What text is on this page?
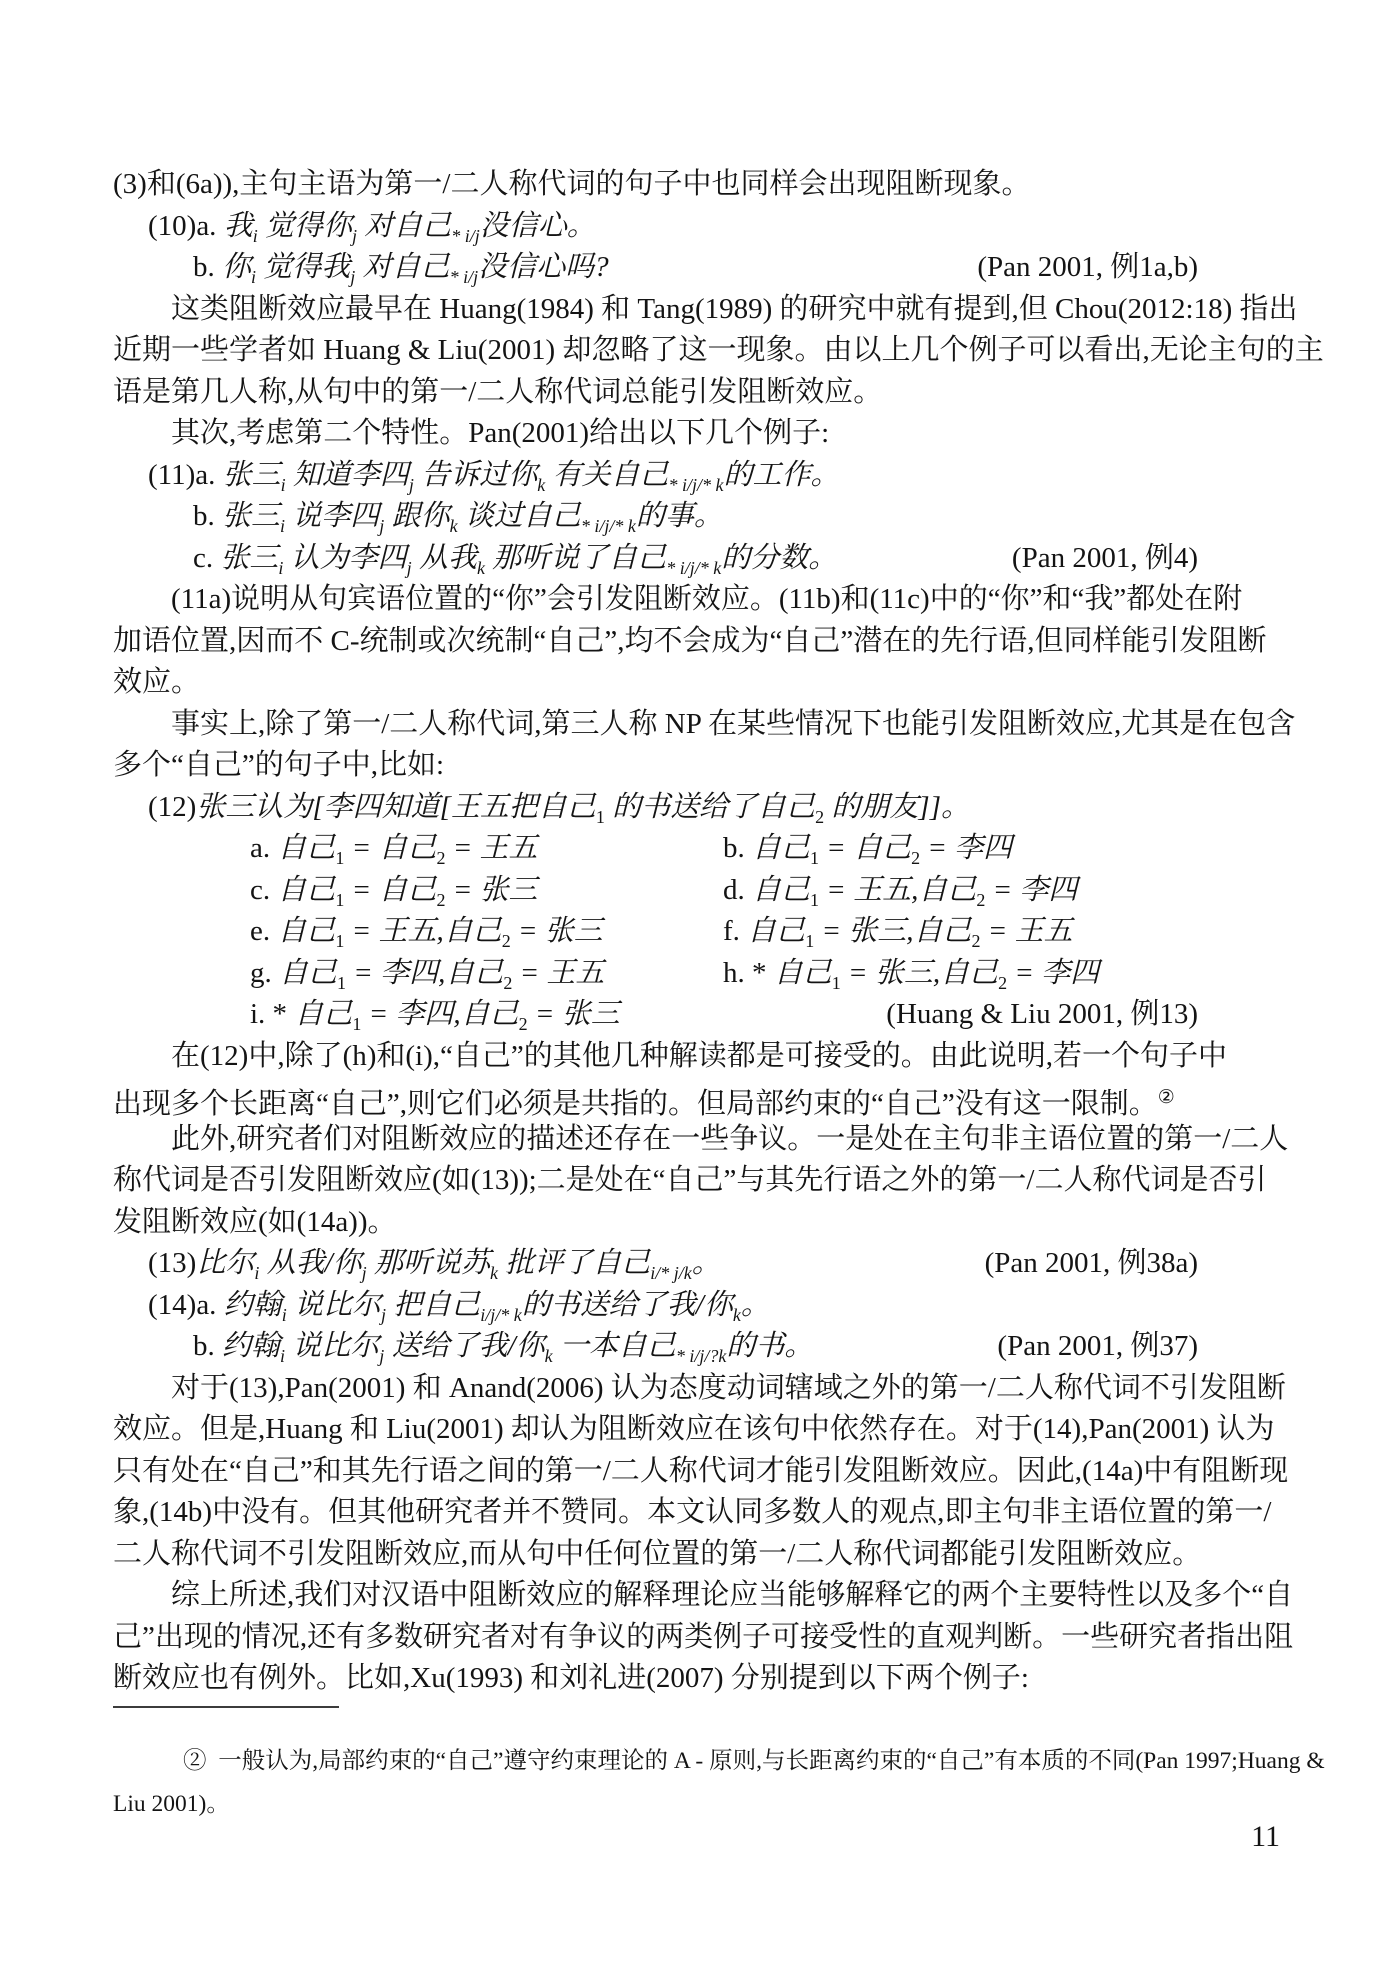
(3)和(6a)),主句主语为第一/二人称代词的句子中也同样会出现阻断现象。
(10)a. 我$_i$ 觉得你$_j$ 对自己$_{* i/j}$没信心。
b. 你$_i$ 觉得我$_j$ 对自己$_{* i/j}$没信心吗?	(Pan 2001, 例1a,b)
这类阻断效应最早在 Huang(1984) 和 Tang(1989) 的研究中就有提到,但 Chou(2012:18) 指出
近期一些学者如 Huang & Liu(2001) 却忽略了这一现象。由以上几个例子可以看出,无论主句的主
语是第几人称,从句中的第一/二人称代词总能引发阻断效应。
其次,考虑第二个特性。Pan(2001)给出以下几个例子:
(11)a. 张三$_i$ 知道李四$_j$ 告诉过你$_k$ 有关自己$_{* i/j/* k}$的工作。
b. 张三$_i$ 说李四$_j$ 跟你$_k$ 谈过自己$_{* i/j/* k}$的事。
c. 张三$_i$ 认为李四$_j$ 从我$_k$ 那听说了自己$_{* i/j/* k}$的分数。	(Pan 2001, 例4)
(11a)说明从句宾语位置的“你”会引发阻断效应。(11b)和(11c)中的“你”和“我”都处在附
加语位置,因而不 C-统制或次统制“自己”,均不会成为“自己”潜在的先行语,但同样能引发阻断
效应。
事实上,除了第一/二人称代词,第三人称 NP 在某些情况下也能引发阻断效应,尤其是在包含
多个“自己”的句子中,比如:
(12)张三认为[李四知道[王五把自己$_1$ 的书送给了自己$_2$ 的朋友]]。
a. 自己$_1$ = 自己$_2$ = 王五	b. 自己$_1$ = 自己$_2$ = 李四
c. 自己$_1$ = 自己$_2$ = 张三	d. 自己$_1$ = 王五,自己$_2$ = 李四
e. 自己$_1$ = 王五,自己$_2$ = 张三	f. 自己$_1$ = 张三,自己$_2$ = 王五
g. 自己$_1$ = 李四,自己$_2$ = 王五	h. * 自己$_1$ = 张三,自己$_2$ = 李四
i. * 自己$_1$ = 李四,自己$_2$ = 张三	(Huang & Liu 2001, 例13)
在(12)中,除了(h)和(i),“自己”的其他几种解读都是可接受的。由此说明,若一个句子中
出现多个长距离“自己”,则它们必须是共指的。但局部约束的“自己”没有这一限制。②
此外,研究者们对阻断效应的描述还存在一些争议。一是处在主句非主语位置的第一/二人
称代词是否引发阻断效应(如(13));二是处在“自己”与其先行语之外的第一/二人称代词是否引
发阻断效应(如(14a))。
(13)比尔$_i$ 从我/你$_j$ 那听说苏$_k$ 批评了自己$_{i/* j/k}$。	(Pan 2001, 例38a)
(14)a. 约翰$_i$ 说比尔$_j$ 把自己$_{i/j/* k}$的书送给了我/你$_k$。
b. 约翰$_i$ 说比尔$_j$ 送给了我/你$_k$ 一本自己$_{* i/j/?k}$的书。	(Pan 2001, 例37)
对于(13),Pan(2001) 和 Anand(2006) 认为态度动词辖域之外的第一/二人称代词不引发阻断
效应。但是,Huang 和 Liu(2001) 却认为阻断效应在该句中依然存在。对于(14),Pan(2001) 认为
只有处在“自己”和其先行语之间的第一/二人称代词才能引发阻断效应。因此,(14a)中有阻断现
象,(14b)中没有。但其他研究者并不赞同。本文认同多数人的观点,即主句非主语位置的第一/
二人称代词不引发阻断效应,而从句中任何位置的第一/二人称代词都能引发阻断效应。
综上所述,我们对汉语中阻断效应的解释理论应当能够解释它的两个主要特性以及多个“自
己”出现的情况,还有多数研究者对有争议的两类例子可接受性的直观判断。一些研究者指出阻
断效应也有例外。比如,Xu(1993) 和刘礼进(2007) 分别提到以下两个例子:
②  一般认为,局部约束的“自己”遵守约束理论的 A - 原则,与长距离约束的“自己”有本质的不同(Pan 1997;Huang &
Liu 2001)。
11
